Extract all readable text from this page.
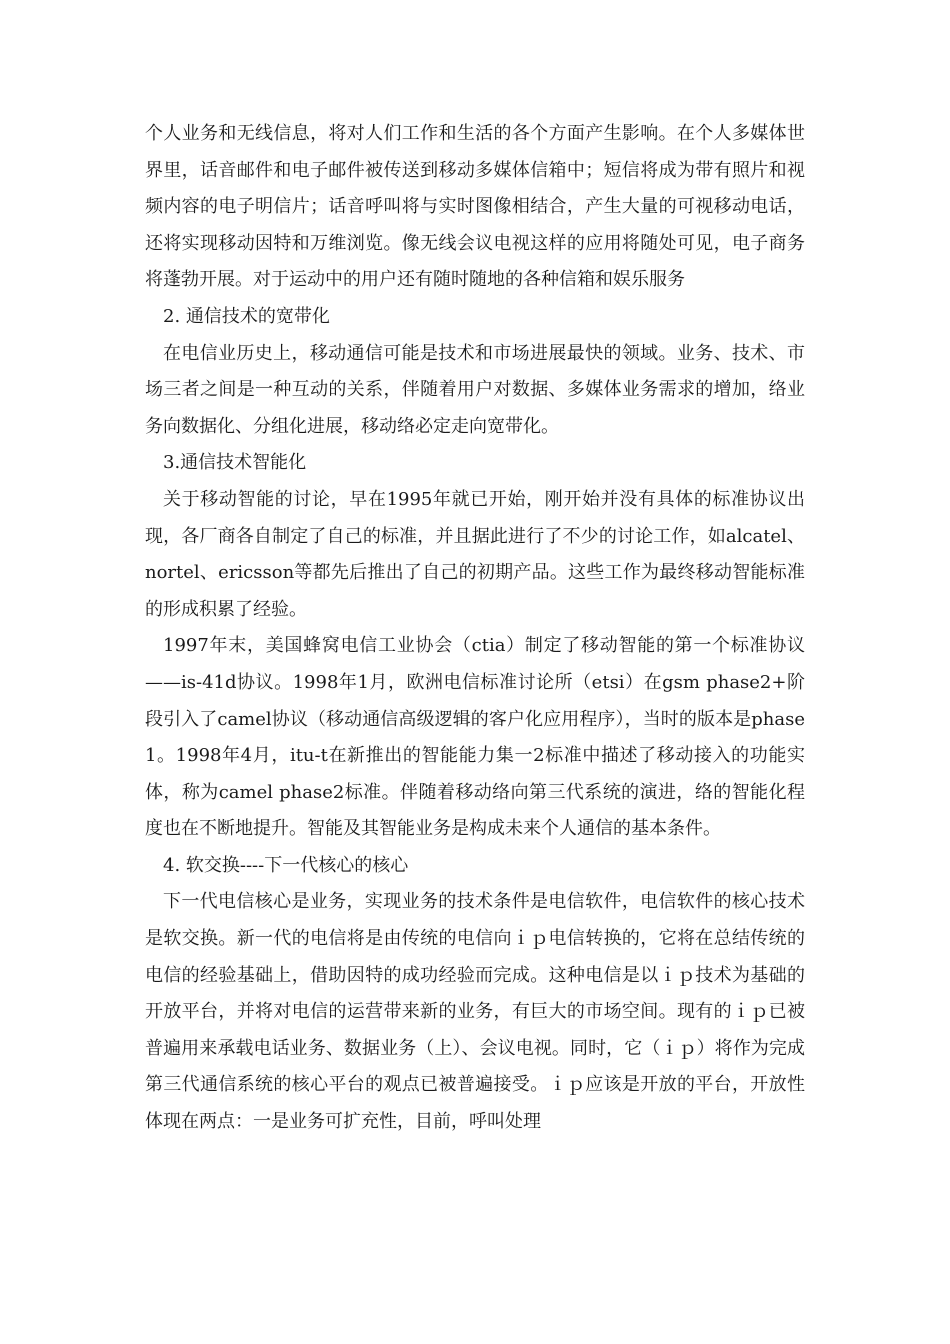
个人业务和无线信息，将对人们工作和生活的各个方面产生影响。在个人多媒体世界里，话音邮件和电子邮件被传送到移动多媒体信箱中；短信将成为带有照片和视频内容的电子明信片；话音呼叫将与实时图像相结合，产生大量的可视移动电话，还将实现移动因特和万维浏览。像无线会议电视这样的应用将随处可见，电子商务将蓬勃开展。对于运动中的用户还有随时随地的各种信箱和娱乐服务

2. 通信技术的宽带化

在电信业历史上，移动通信可能是技术和市场进展最快的领域。业务、技术、市场三者之间是一种互动的关系，伴随着用户对数据、多媒体业务需求的增加，络业务向数据化、分组化进展，移动络必定走向宽带化。

3.通信技术智能化

关于移动智能的讨论，早在1995年就已开始，刚开始并没有具体的标准协议出现，各厂商各自制定了自己的标准，并且据此进行了不少的讨论工作，如alcatel、nortel、ericsson等都先后推出了自己的初期产品。这些工作为最终移动智能标准的形成积累了经验。

1997年末，美国蜂窝电信工业协会（ctia）制定了移动智能的第一个标准协议——is-41d协议。1998年1月，欧洲电信标准讨论所（etsi）在gsm phase2+阶段引入了camel协议（移动通信高级逻辑的客户化应用程序），当时的版本是phase1。1998年4月，itu-t在新推出的智能能力集一2标准中描述了移动接入的功能实体，称为camel phase2标准。伴随着移动络向第三代系统的演进，络的智能化程度也在不断地提升。智能及其智能业务是构成未来个人通信的基本条件。

4. 软交换----下一代核心的核心

下一代电信核心是业务，实现业务的技术条件是电信软件，电信软件的核心技术是软交换。新一代的电信将是由传统的电信向ｉｐ电信转换的，它将在总结传统的电信的经验基础上，借助因特的成功经验而完成。这种电信是以ｉｐ技术为基础的开放平台，并将对电信的运营带来新的业务，有巨大的市场空间。现有的ｉｐ已被普遍用来承载电话业务、数据业务（上）、会议电视。同时，它（ｉｐ）将作为完成第三代通信系统的核心平台的观点已被普遍接受。ｉｐ应该是开放的平台，开放性体现在两点：一是业务可扩充性，目前，呼叫处理
